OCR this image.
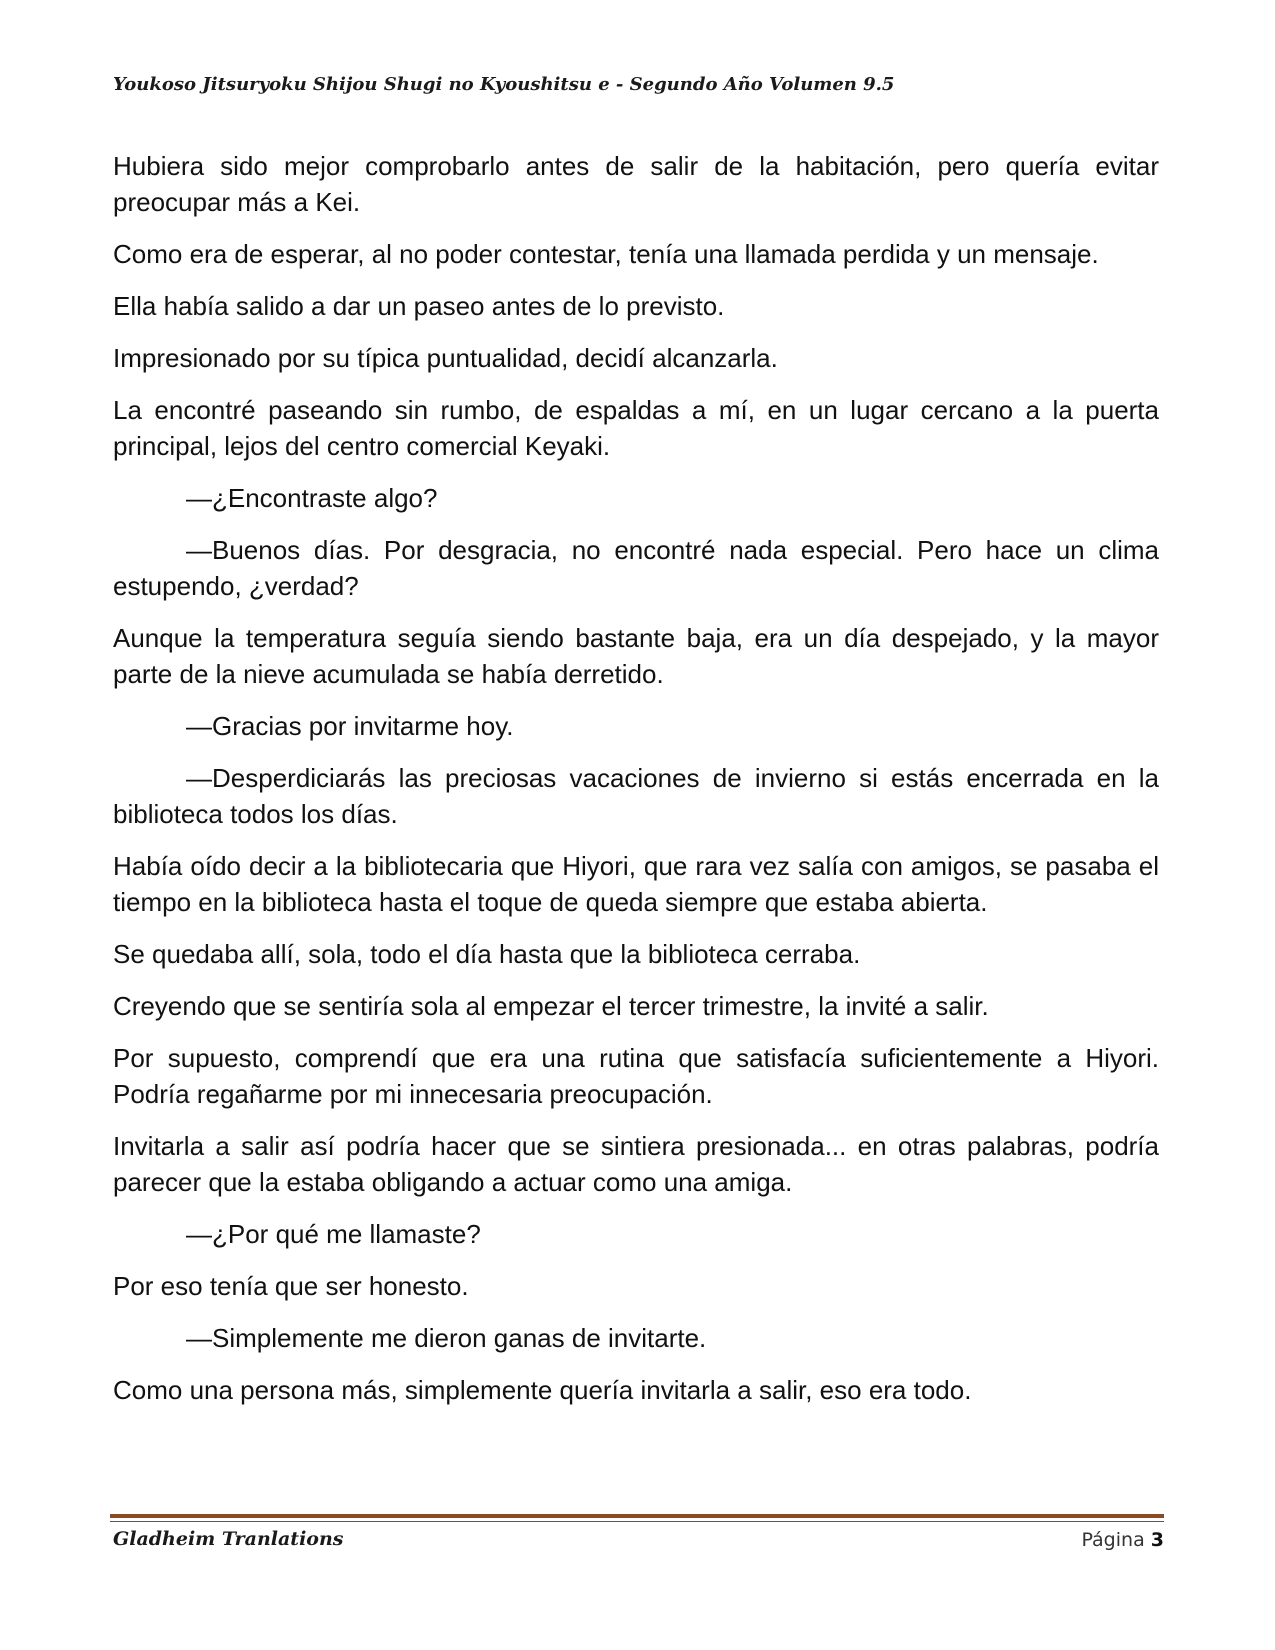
Youkoso Jitsuryoku Shijou Shugi no Kyoushitsu e - Segundo Año Volumen 9.5

Hubiera sido mejor comprobarlo antes de salir de la habitación, pero quería evitar preocupar más a Kei.

Como era de esperar, al no poder contestar, tenía una llamada perdida y un mensaje.

Ella había salido a dar un paseo antes de lo previsto.

Impresionado por su típica puntualidad, decidí alcanzarla.

La encontré paseando sin rumbo, de espaldas a mí, en un lugar cercano a la puerta principal, lejos del centro comercial Keyaki.

—¿Encontraste algo?

—Buenos días. Por desgracia, no encontré nada especial. Pero hace un clima estupendo, ¿verdad?

Aunque la temperatura seguía siendo bastante baja, era un día despejado, y la mayor parte de la nieve acumulada se había derretido.

—Gracias por invitarme hoy.

—Desperdiciarás las preciosas vacaciones de invierno si estás encerrada en la biblioteca todos los días.

Había oído decir a la bibliotecaria que Hiyori, que rara vez salía con amigos, se pasaba el tiempo en la biblioteca hasta el toque de queda siempre que estaba abierta.

Se quedaba allí, sola, todo el día hasta que la biblioteca cerraba.

Creyendo que se sentiría sola al empezar el tercer trimestre, la invité a salir.

Por supuesto, comprendí que era una rutina que satisfacía suficientemente a Hiyori. Podría regañarme por mi innecesaria preocupación.

Invitarla a salir así podría hacer que se sintiera presionada... en otras palabras, podría parecer que la estaba obligando a actuar como una amiga.

—¿Por qué me llamaste?

Por eso tenía que ser honesto.

—Simplemente me dieron ganas de invitarte.

Como una persona más, simplemente quería invitarla a salir, eso era todo.

Gladheim Tranlations	Página 3
